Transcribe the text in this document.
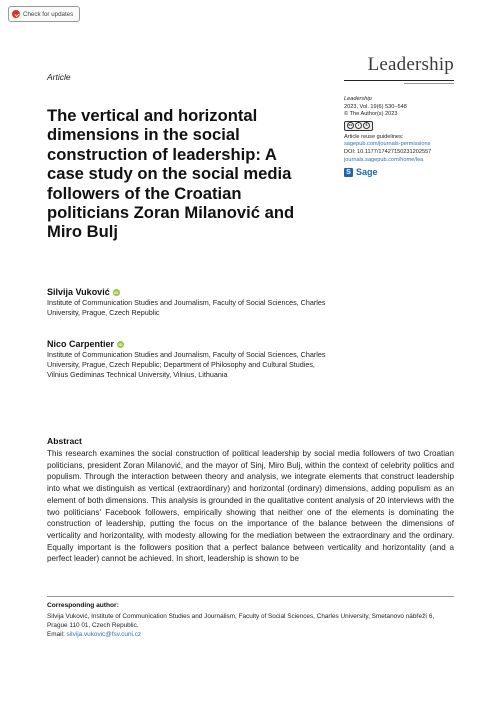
Check for updates
Article
Leadership
The vertical and horizontal dimensions in the social construction of leadership: A case study on the social media followers of the Croatian politicians Zoran Milanović and Miro Bulj
Leadership
2023, Vol. 19(6) 530–548
© The Author(s) 2023
cc	i	$
Article reuse guidelines:
sagepub.com/journals-permissions
DOI: 10.1177/17427150231202557
journals.sagepub.com/home/lea
S Sage
Silvija Vuković	iD
Institute of Communication Studies and Journalism, Faculty of Social Sciences, Charles University, Prague, Czech Republic
Nico Carpentier	iD
Institute of Communication Studies and Journalism, Faculty of Social Sciences, Charles University, Prague, Czech Republic; Department of Philosophy and Cultural Studies, Vilnius Gediminas Technical University, Vilnius, Lithuania
Abstract
This research examines the social construction of political leadership by social media followers of two Croatian politicians, president Zoran Milanović, and the mayor of Sinj, Miro Bulj, within the context of celebrity politics and populism. Through the interaction between theory and analysis, we integrate elements that construct leadership into what we distinguish as vertical (extraordinary) and horizontal (ordinary) dimensions, adding populism as an element of both dimensions. This analysis is grounded in the qualitative content analysis of 20 interviews with the two politicians' Facebook followers, empirically showing that neither one of the elements is dominating the construction of leadership, putting the focus on the importance of the balance between the dimensions of verticality and horizontality, with modesty allowing for the mediation between the extraordinary and the ordinary. Equally important is the followers position that a perfect balance between verticality and horizontality (and a perfect leader) cannot be achieved. In short, leadership is shown to be
Corresponding author:
Silvija Vuković, Institute of Communication Studies and Journalism, Faculty of Social Sciences, Charles University, Smetanovo nábřeží 6, Prague 110 01, Czech Republic.
Email: silvija.vukovic@fsv.cuni.cz
